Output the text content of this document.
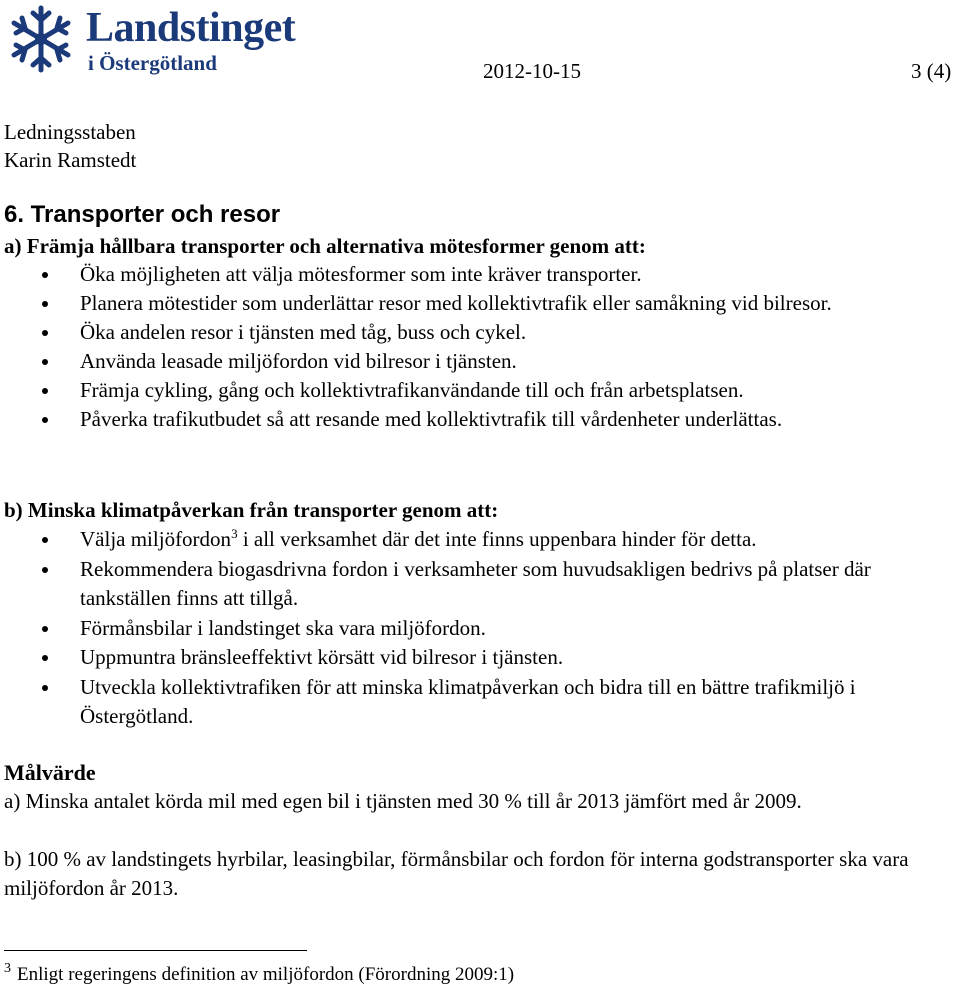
Landstinget
i Östergötland	2012-10-15	3 (4)
Ledningsstaben
Karin Ramstedt
6. Transporter och resor
a) Främja hållbara transporter och alternativa mötesformer genom att:
Öka möjligheten att välja mötesformer som inte kräver transporter.
Planera mötestider som underlättar resor med kollektivtrafik eller samåkning vid bilresor.
Öka andelen resor i tjänsten med tåg, buss och cykel.
Använda leasade miljöfordon vid bilresor i tjänsten.
Främja cykling, gång och kollektivtrafikanvändande till och från arbetsplatsen.
Påverka trafikutbudet så att resande med kollektivtrafik till vårdenheter underlättas.
b) Minska klimatpåverkan från transporter genom att:
Välja miljöfordon$^3$ i all verksamhet där det inte finns uppenbara hinder för detta.
Rekommendera biogasdrivna fordon i verksamheter som huvudsakligen bedrivs på platser där tankställen finns att tillgå.
Förmånsbilar i landstinget ska vara miljöfordon.
Uppmuntra bränsleeffektivt körsätt vid bilresor i tjänsten.
Utveckla kollektivtrafiken för att minska klimatpåverkan och bidra till en bättre trafikmiljö i Östergötland.
Målvärde
a) Minska antalet körda mil med egen bil i tjänsten med 30 % till år 2013 jämfört med år 2009.
b) 100 % av landstingets hyrbilar, leasingbilar, förmånsbilar och fordon för interna godstransporter ska vara miljöfordon år 2013.
$^3$ Enligt regeringens definition av miljöfordon (Förordning 2009:1)
